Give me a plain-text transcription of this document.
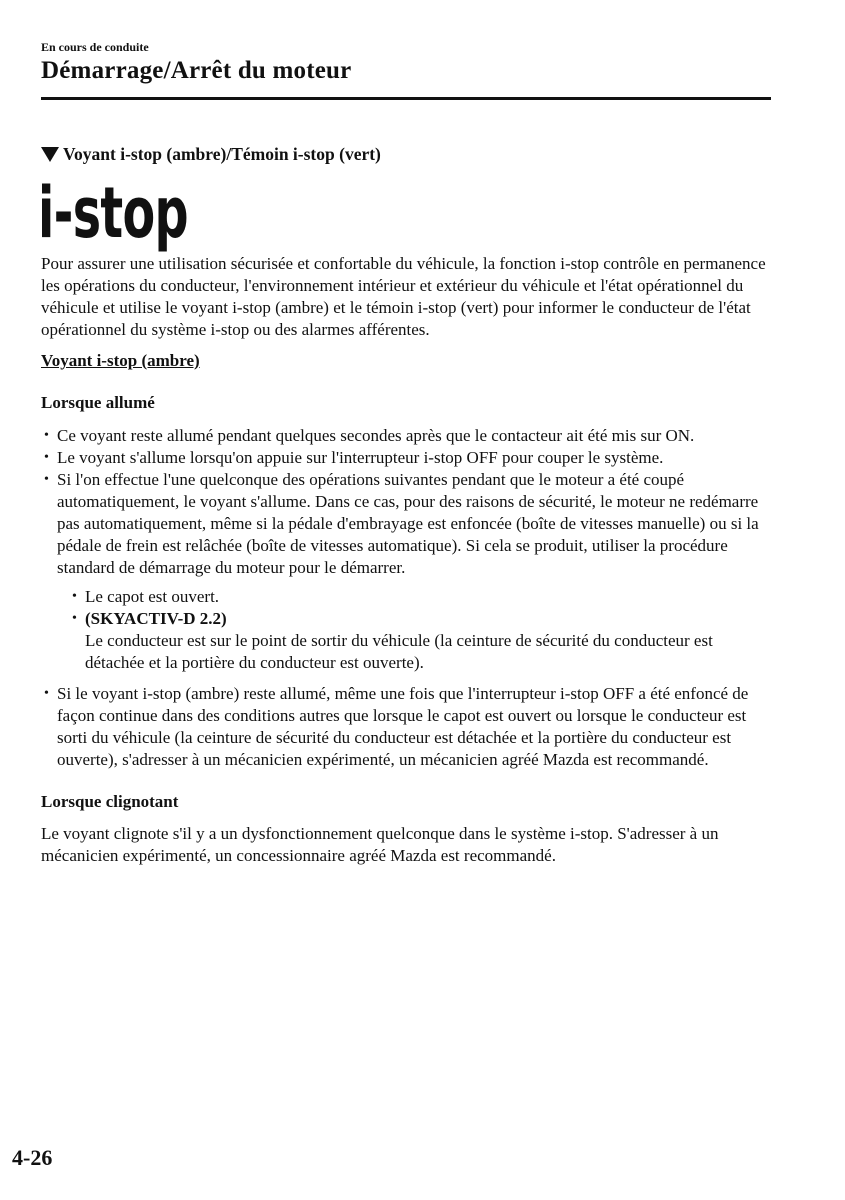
En cours de conduite
Démarrage/Arrêt du moteur
Voyant i-stop (ambre)/Témoin i-stop (vert)
i-stop

Pour assurer une utilisation sécurisée et confortable du véhicule, la fonction i-stop contrôle en permanence les opérations du conducteur, l'environnement intérieur et extérieur du véhicule et l'état opérationnel du véhicule et utilise le voyant i-stop (ambre) et le témoin i-stop (vert) pour informer le conducteur de l'état opérationnel du système i-stop ou des alarmes afférentes.

Voyant i-stop (ambre)

Lorsque allumé

• Ce voyant reste allumé pendant quelques secondes après que le contacteur ait été mis sur ON.
• Le voyant s'allume lorsqu'on appuie sur l'interrupteur i-stop OFF pour couper le système.
• Si l'on effectue l'une quelconque des opérations suivantes pendant que le moteur a été coupé automatiquement, le voyant s'allume. Dans ce cas, pour des raisons de sécurité, le moteur ne redémarre pas automatiquement, même si la pédale d'embrayage est enfoncée (boîte de vitesses manuelle) ou si la pédale de frein est relâchée (boîte de vitesses automatique). Si cela se produit, utiliser la procédure standard de démarrage du moteur pour le démarrer.
• Le capot est ouvert.
• (SKYACTIV-D 2.2)
Le conducteur est sur le point de sortir du véhicule (la ceinture de sécurité du conducteur est détachée et la portière du conducteur est ouverte).
• Si le voyant i-stop (ambre) reste allumé, même une fois que l'interrupteur i-stop OFF a été enfoncé de façon continue dans des conditions autres que lorsque le capot est ouvert ou lorsque le conducteur est sorti du véhicule (la ceinture de sécurité du conducteur est détachée et la portière du conducteur est ouverte), s'adresser à un mécanicien expérimenté, un mécanicien agréé Mazda est recommandé.

Lorsque clignotant

Le voyant clignote s'il y a un dysfonctionnement quelconque dans le système i-stop. S'adresser à un mécanicien expérimenté, un concessionnaire agréé Mazda est recommandé.

4-26
